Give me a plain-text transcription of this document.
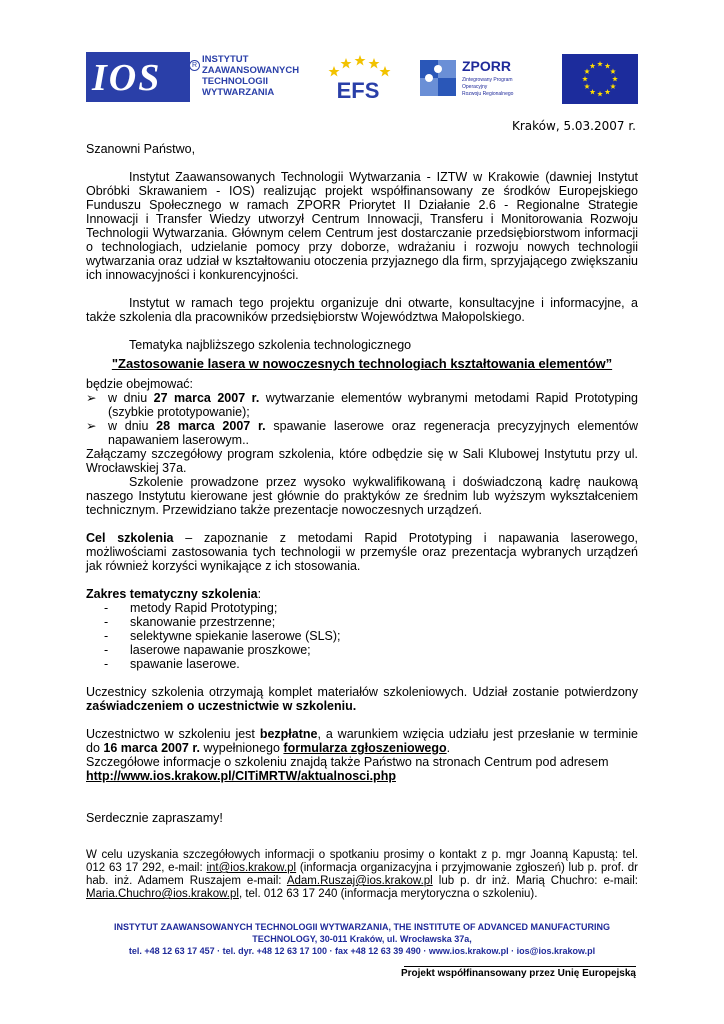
IOS	R
INSTYTUT
ZAAWANSOWANYCH
TECHNOLOGII
WYTWARZANIA	EFS
ZPORR
Zintegrowany Program
Operacyjny
Rozwoju Regionalnego
Kraków, 5.03.2007 r.

Szanowni Państwo,

Instytut Zaawansowanych Technologii Wytwarzania - IZTW w Krakowie (dawniej Instytut Obróbki Skrawaniem - IOS) realizując projekt współfinansowany ze środków Europejskiego Funduszu Społecznego w ramach ZPORR Priorytet II Działanie 2.6 - Regionalne Strategie Innowacji i Transfer Wiedzy utworzył Centrum Innowacji, Transferu i Monitorowania Rozwoju Technologii Wytwarzania. Głównym celem Centrum jest dostarczanie przedsiębiorstwom informacji o technologiach, udzielanie pomocy przy doborze, wdrażaniu i rozwoju nowych technologii wytwarzania oraz udział w kształtowaniu otoczenia przyjaznego dla firm, sprzyjającego zwiększaniu ich innowacyjności i konkurencyjności.

Instytut w ramach tego projektu organizuje dni otwarte, konsultacyjne i informacyjne, a także szkolenia dla pracowników przedsiębiorstw Województwa Małopolskiego.

Tematyka najbliższego szkolenia technologicznego

"Zastosowanie lasera w nowoczesnych technologiach kształtowania elementów”

będzie obejmować:

➢ w dniu 27 marca 2007 r. wytwarzanie elementów wybranymi metodami Rapid Prototyping (szybkie prototypowanie);
➢ w dniu 28 marca 2007 r. spawanie laserowe oraz regeneracja precyzyjnych elementów napawaniem laserowym..

Załączamy szczegółowy program szkolenia, które odbędzie się w Sali Klubowej Instytutu przy ul. Wrocławskiej 37a.

Szkolenie prowadzone przez wysoko wykwalifikowaną i doświadczoną kadrę naukową naszego Instytutu kierowane jest głównie do praktyków ze średnim lub wyższym wykształceniem technicznym. Przewidziano także prezentacje nowoczesnych urządzeń.

Cel szkolenia – zapoznanie z metodami Rapid Prototyping i napawania laserowego, możliwościami zastosowania tych technologii w przemyśle oraz prezentacja wybranych urządzeń jak również korzyści wynikające z ich stosowania.

Zakres tematyczny szkolenia:

- metody Rapid Prototyping;
- skanowanie przestrzenne;
- selektywne spiekanie laserowe (SLS);
- laserowe napawanie proszkowe;
- spawanie laserowe.

Uczestnicy szkolenia otrzymają komplet materiałów szkoleniowych. Udział zostanie potwierdzony zaświadczeniem o uczestnictwie w szkoleniu.

Uczestnictwo w szkoleniu jest bezpłatne, a warunkiem wzięcia udziału jest przesłanie w terminie do 16 marca 2007 r. wypełnionego formularza zgłoszeniowego.

Szczegółowe informacje o szkoleniu znajdą także Państwo na stronach Centrum pod adresem

http://www.ios.krakow.pl/CITiMRTW/aktualnosci.php

Serdecznie zapraszamy!

W celu uzyskania szczegółowych informacji o spotkaniu prosimy o kontakt z p. mgr Joanną Kapustą: tel. 012 63 17 292, e-mail: int@ios.krakow.pl (informacja organizacyjna i przyjmowanie zgłoszeń) lub p. prof. dr hab. inż. Adamem Ruszajem e-mail: Adam.Ruszaj@ios.krakow.pl lub p. dr inż. Marią Chuchro: e-mail: Maria.Chuchro@ios.krakow.pl, tel. 012 63 17 240 (informacja merytoryczna o szkoleniu).

INSTYTUT ZAAWANSOWANYCH TECHNOLOGII WYTWARZANIA, THE INSTITUTE OF ADVANCED MANUFACTURING
TECHNOLOGY, 30-011 Kraków, ul. Wrocławska 37a,
tel. +48 12 63 17 457 · tel. dyr. +48 12 63 17 100 · fax +48 12 63 39 490 · www.ios.krakow.pl · ios@ios.krakow.pl
Projekt współfinansowany przez Unię Europejską
